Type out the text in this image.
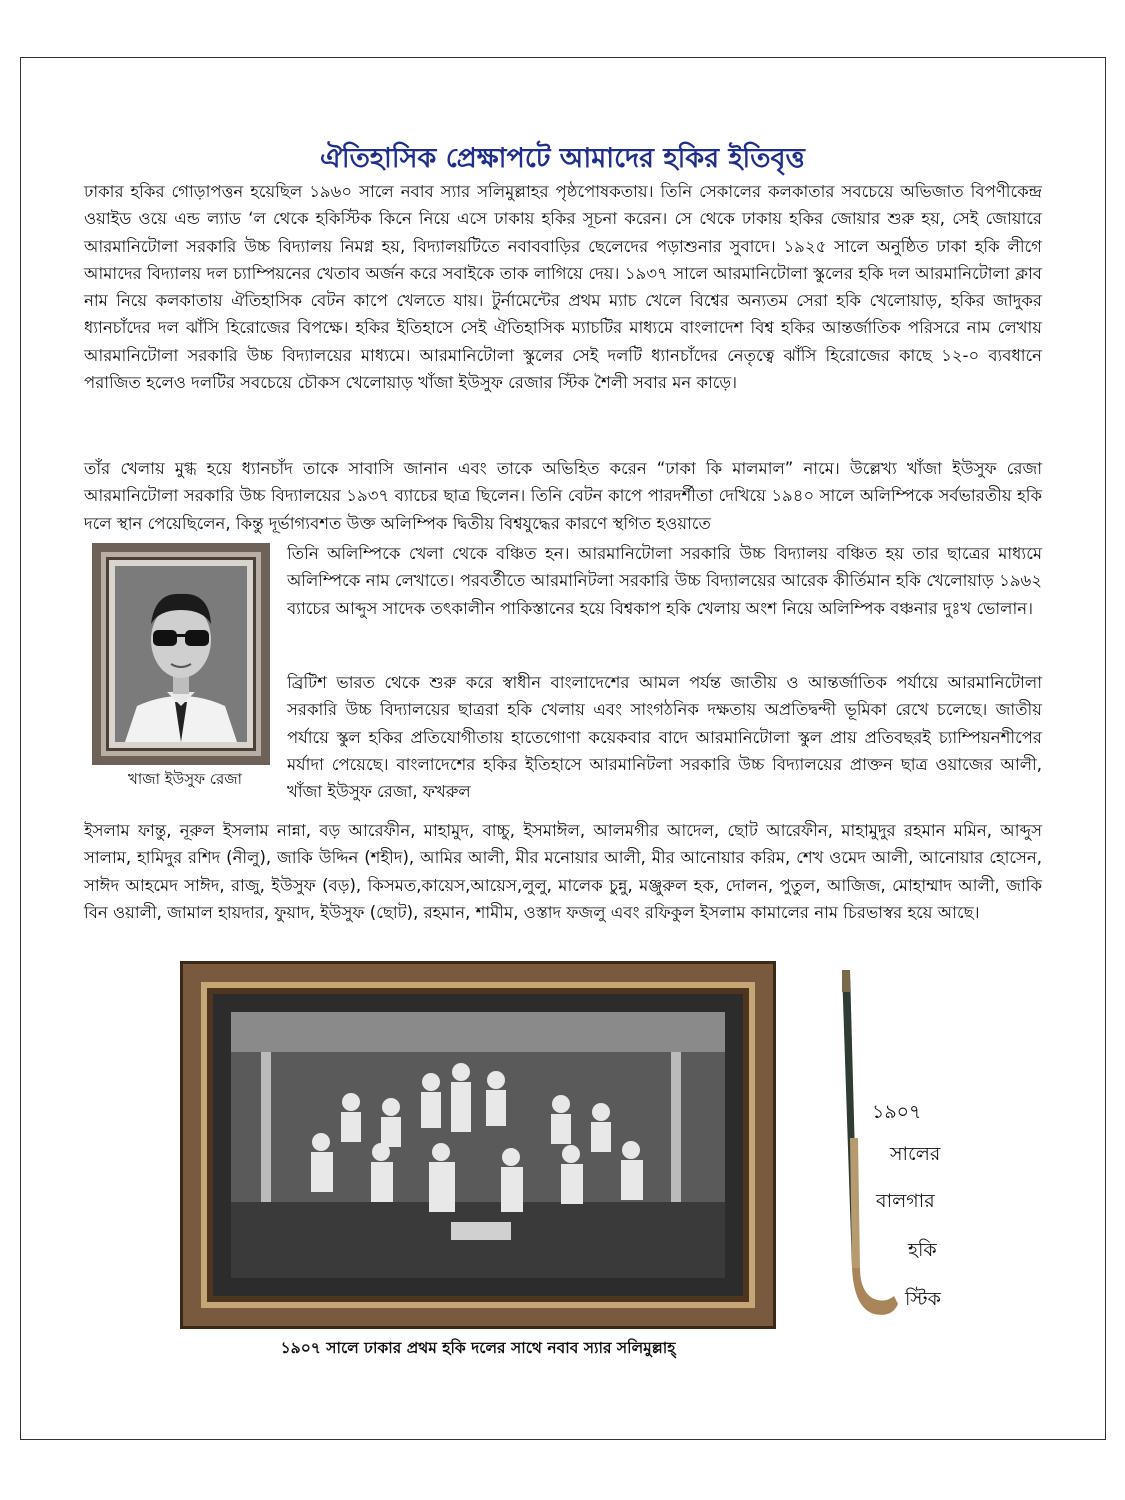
ঐতিহাসিক প্রেক্ষাপটে আমাদের হকির ইতিবৃত্ত

ঢাকার হকির গোড়াপত্তন হয়েছিল ১৯৬০ সালে নবাব স্যার সলিমুল্লাহর পৃষ্ঠপোষকতায়। তিনি সেকালের কলকাতার সবচেয়ে অভিজাত বিপণীকেন্দ্র ওয়াইড ওয়ে এন্ড ল্যাড ‘ল থেকে হকিস্টিক কিনে নিয়ে এসে ঢাকায় হকির সূচনা করেন। সে থেকে ঢাকায় হকির জোয়ার শুরু হয়, সেই জোয়ারে আরমানিটোলা সরকারি উচ্চ বিদ্যালয় নিমগ্ন হয়, বিদ্যালয়টিতে নবাববাড়ির ছেলেদের পড়াশুনার সুবাদে। ১৯২৫ সালে অনুষ্ঠিত ঢাকা হকি লীগে আমাদের বিদ্যালয় দল চ্যাম্পিয়নের খেতাব অর্জন করে সবাইকে তাক লাগিয়ে দেয়। ১৯৩৭ সালে আরমানিটোলা স্কুলের হকি দল আরমানিটোলা ক্লাব নাম নিয়ে কলকাতায় ঐতিহাসিক বেটন কাপে খেলতে যায়। টুর্নামেন্টের প্রথম ম্যাচ খেলে বিশ্বের অন্যতম সেরা হকি খেলোয়াড়, হকির জাদুকর ধ্যানচাঁদের দল ঝাঁসি হিরোজের বিপক্ষে। হকির ইতিহাসে সেই ঐতিহাসিক ম্যাচটির মাধ্যমে বাংলাদেশ বিশ্ব হকির আন্তর্জাতিক পরিসরে নাম লেখায় আরমানিটোলা সরকারি উচ্চ বিদ্যালয়ের মাধ্যমে। আরমানিটোলা স্কুলের সেই দলটি ধ্যানচাঁদের নেতৃত্বে ঝাঁসি হিরোজের কাছে ১২-০ ব্যবধানে পরাজিত হলেও দলটির সবচেয়ে চৌকস খেলোয়াড় খাঁজা ইউসুফ রেজার স্টিক শৈলী সবার মন কাড়ে।

তাঁর খেলায় মুগ্ধ হয়ে ধ্যানচাঁদ তাকে সাবাসি জানান এবং তাকে অভিহিত করেন “ঢাকা কি মালমাল” নামে। উল্লেখ্য খাঁজা ইউসুফ রেজা আরমানিটোলা সরকারি উচ্চ বিদ্যালয়ের ১৯৩৭ ব্যাচের ছাত্র ছিলেন। তিনি বেটন কাপে পারদর্শীতা দেখিয়ে ১৯৪০ সালে অলিম্পিকে সর্বভারতীয় হকি দলে স্থান পেয়েছিলেন, কিন্তু দূর্ভাগ্যবশত উক্ত অলিম্পিক দ্বিতীয় বিশ্বযুদ্ধের কারণে স্থগিত হওয়াতে

তিনি অলিম্পিকে খেলা থেকে বঞ্চিত হন। আরমানিটোলা সরকারি উচ্চ বিদ্যালয় বঞ্চিত হয় তার ছাত্রের মাধ্যমে অলিম্পিকে নাম লেখাতে। পরবর্তীতে আরমানিটলা সরকারি উচ্চ বিদ্যালয়ের আরেক কীর্তিমান হকি খেলোয়াড় ১৯৬২ ব্যাচের আব্দুস সাদেক তৎকালীন পাকিস্তানের হয়ে বিশ্বকাপ হকি খেলায় অংশ নিয়ে অলিম্পিক বঞ্চনার দুঃখ ভোলান।

ব্রিটিশ ভারত থেকে শুরু করে স্বাধীন বাংলাদেশের আমল পর্যন্ত জাতীয় ও আন্তর্জাতিক পর্যায়ে আরমানিটোলা সরকারি উচ্চ বিদ্যালয়ের ছাত্ররা হকি খেলায় এবং সাংগঠনিক দক্ষতায় অপ্রতিদ্বন্দী ভূমিকা রেখে চলেছে। জাতীয় পর্যায়ে স্কুল হকির প্রতিযোগীতায় হাতেগোণা কয়েকবার বাদে আরমানিটোলা স্কুল প্রায় প্রতিবছরই চ্যাম্পিয়নশীপের মর্যাদা পেয়েছে। বাংলাদেশের হকির ইতিহাসে আরমানিটলা সরকারি উচ্চ বিদ্যালয়ের প্রাক্তন ছাত্র ওয়াজের আলী, খাঁজা ইউসুফ রেজা, ফখরুল

ইসলাম ফান্তু, নূরুল ইসলাম নান্না, বড় আরেফীন, মাহামুদ, বাচ্চু, ইসমাঈল, আলমগীর আদেল, ছোট আরেফীন, মাহামুদুর রহমান মমিন, আব্দুস সালাম, হামিদুর রশিদ (নীলু), জাকি উদ্দিন (শহীদ), আমির আলী, মীর মনোয়ার আলী, মীর আনোয়ার করিম, শেখ ওমেদ আলী, আনোয়ার হোসেন, সাঈদ আহমেদ সাঈদ, রাজু, ইউসুফ (বড়), কিসমত,কায়েস,আয়েস,লুলু, মালেক চুন্নু, মঞ্জুরুল হক, দোলন, পুতুল, আজিজ, মোহাম্মাদ আলী, জাকি বিন ওয়ালী, জামাল হায়দার, ফুয়াদ, ইউসুফ (ছোট), রহমান, শামীম, ওস্তাদ ফজলু এবং রফিকুল ইসলাম কামালের নাম চিরভাস্বর হয়ে আছে।

খাজা ইউসুফ রেজা

১৯০৭ সালে ঢাকার প্রথম হকি দলের সাথে নবাব স্যার সলিমুল্লাহ্

১৯০৭

সালের

বালগার

হকি

স্টিক
